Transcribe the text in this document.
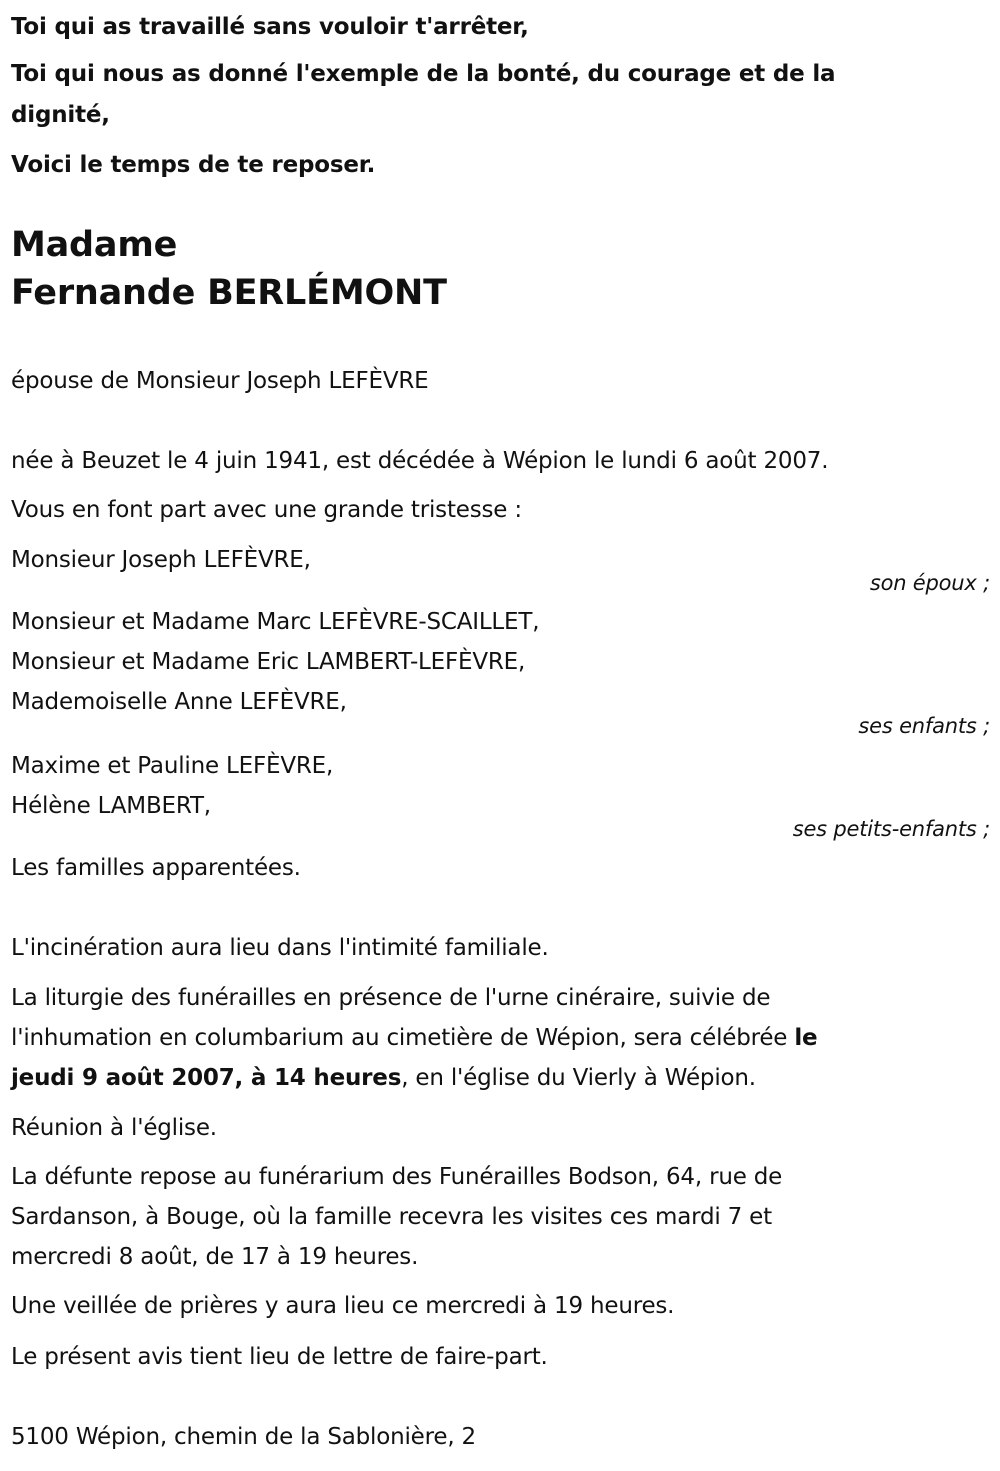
Toi qui as travaillé sans vouloir t'arrêter,
Toi qui nous as donné l'exemple de la bonté, du courage et de la
dignité,
Voici le temps de te reposer.
Madame
Fernande BERLÉMONT
épouse de Monsieur Joseph LEFÈVRE
née à Beuzet le 4 juin 1941, est décédée à Wépion le lundi 6 août 2007.
Vous en font part avec une grande tristesse :
Monsieur Joseph LEFÈVRE,
son époux ;
Monsieur et Madame Marc LEFÈVRE-SCAILLET,
Monsieur et Madame Eric LAMBERT-LEFÈVRE,
Mademoiselle Anne LEFÈVRE,
ses enfants ;
Maxime et Pauline LEFÈVRE,
Hélène LAMBERT,
ses petits-enfants ;
Les familles apparentées.
L'incinération aura lieu dans l'intimité familiale.
La liturgie des funérailles en présence de l'urne cinéraire, suivie de
l'inhumation en columbarium au cimetière de Wépion, sera célébrée le
jeudi 9 août 2007, à 14 heures, en l'église du Vierly à Wépion.
Réunion à l'église.
La défunte repose au funérarium des Funérailles Bodson, 64, rue de
Sardanson, à Bouge, où la famille recevra les visites ces mardi 7 et
mercredi 8 août, de 17 à 19 heures.
Une veillée de prières y aura lieu ce mercredi à 19 heures.
Le présent avis tient lieu de lettre de faire-part.
5100 Wépion, chemin de la Sablonière, 2
